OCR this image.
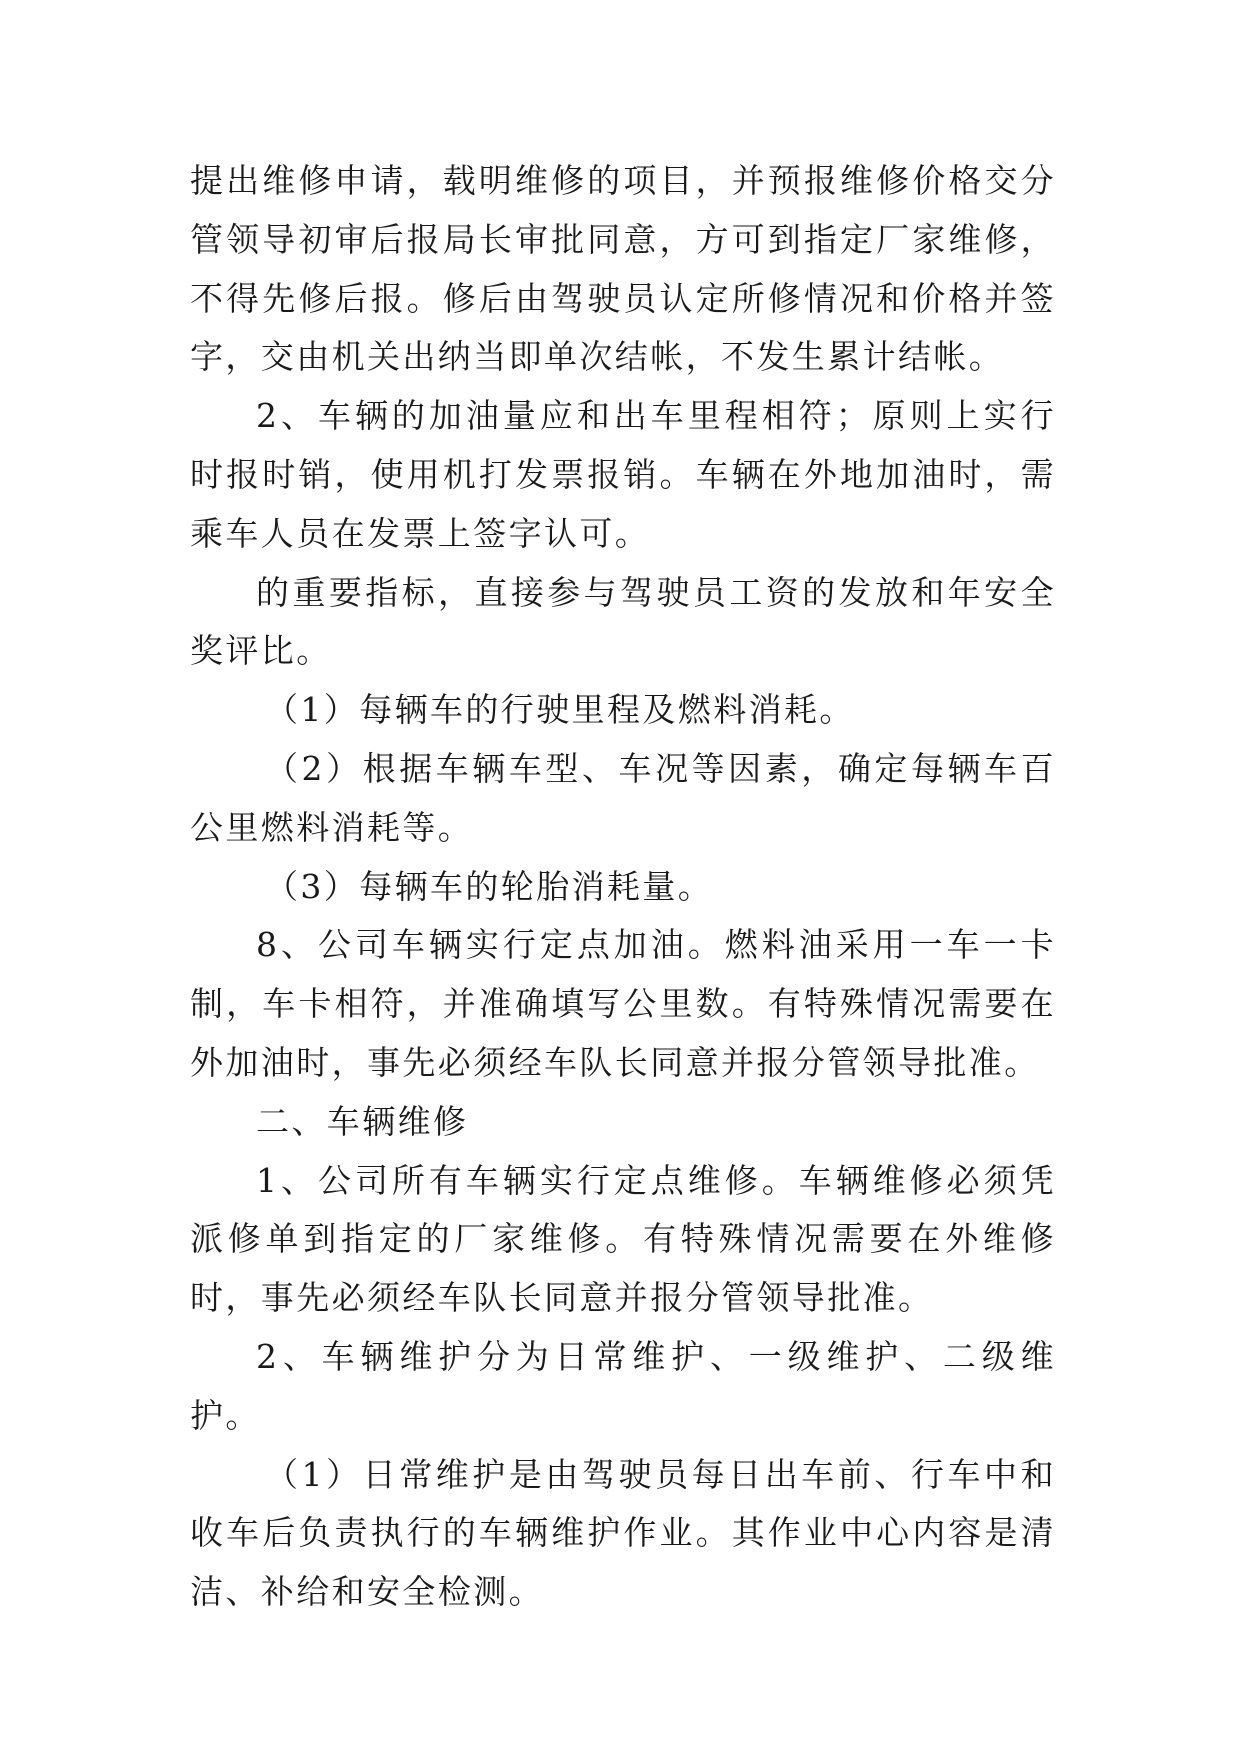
提出维修申请，载明维修的项目，并预报维修价格交分管领导初审后报局长审批同意，方可到指定厂家维修，不得先修后报。修后由驾驶员认定所修情况和价格并签字，交由机关出纳当即单次结帐，不发生累计结帐。

2、车辆的加油量应和出车里程相符；原则上实行时报时销，使用机打发票报销。车辆在外地加油时，需乘车人员在发票上签字认可。

的重要指标，直接参与驾驶员工资的发放和年安全奖评比。

（1）每辆车的行驶里程及燃料消耗。

（2）根据车辆车型、车况等因素，确定每辆车百公里燃料消耗等。

（3）每辆车的轮胎消耗量。

8、公司车辆实行定点加油。燃料油采用一车一卡制，车卡相符，并准确填写公里数。有特殊情况需要在外加油时，事先必须经车队长同意并报分管领导批准。

二、车辆维修

1、公司所有车辆实行定点维修。车辆维修必须凭派修单到指定的厂家维修。有特殊情况需要在外维修时，事先必须经车队长同意并报分管领导批准。

2、车辆维护分为日常维护、一级维护、二级维护。

（1）日常维护是由驾驶员每日出车前、行车中和收车后负责执行的车辆维护作业。其作业中心内容是清洁、补给和安全检测。
